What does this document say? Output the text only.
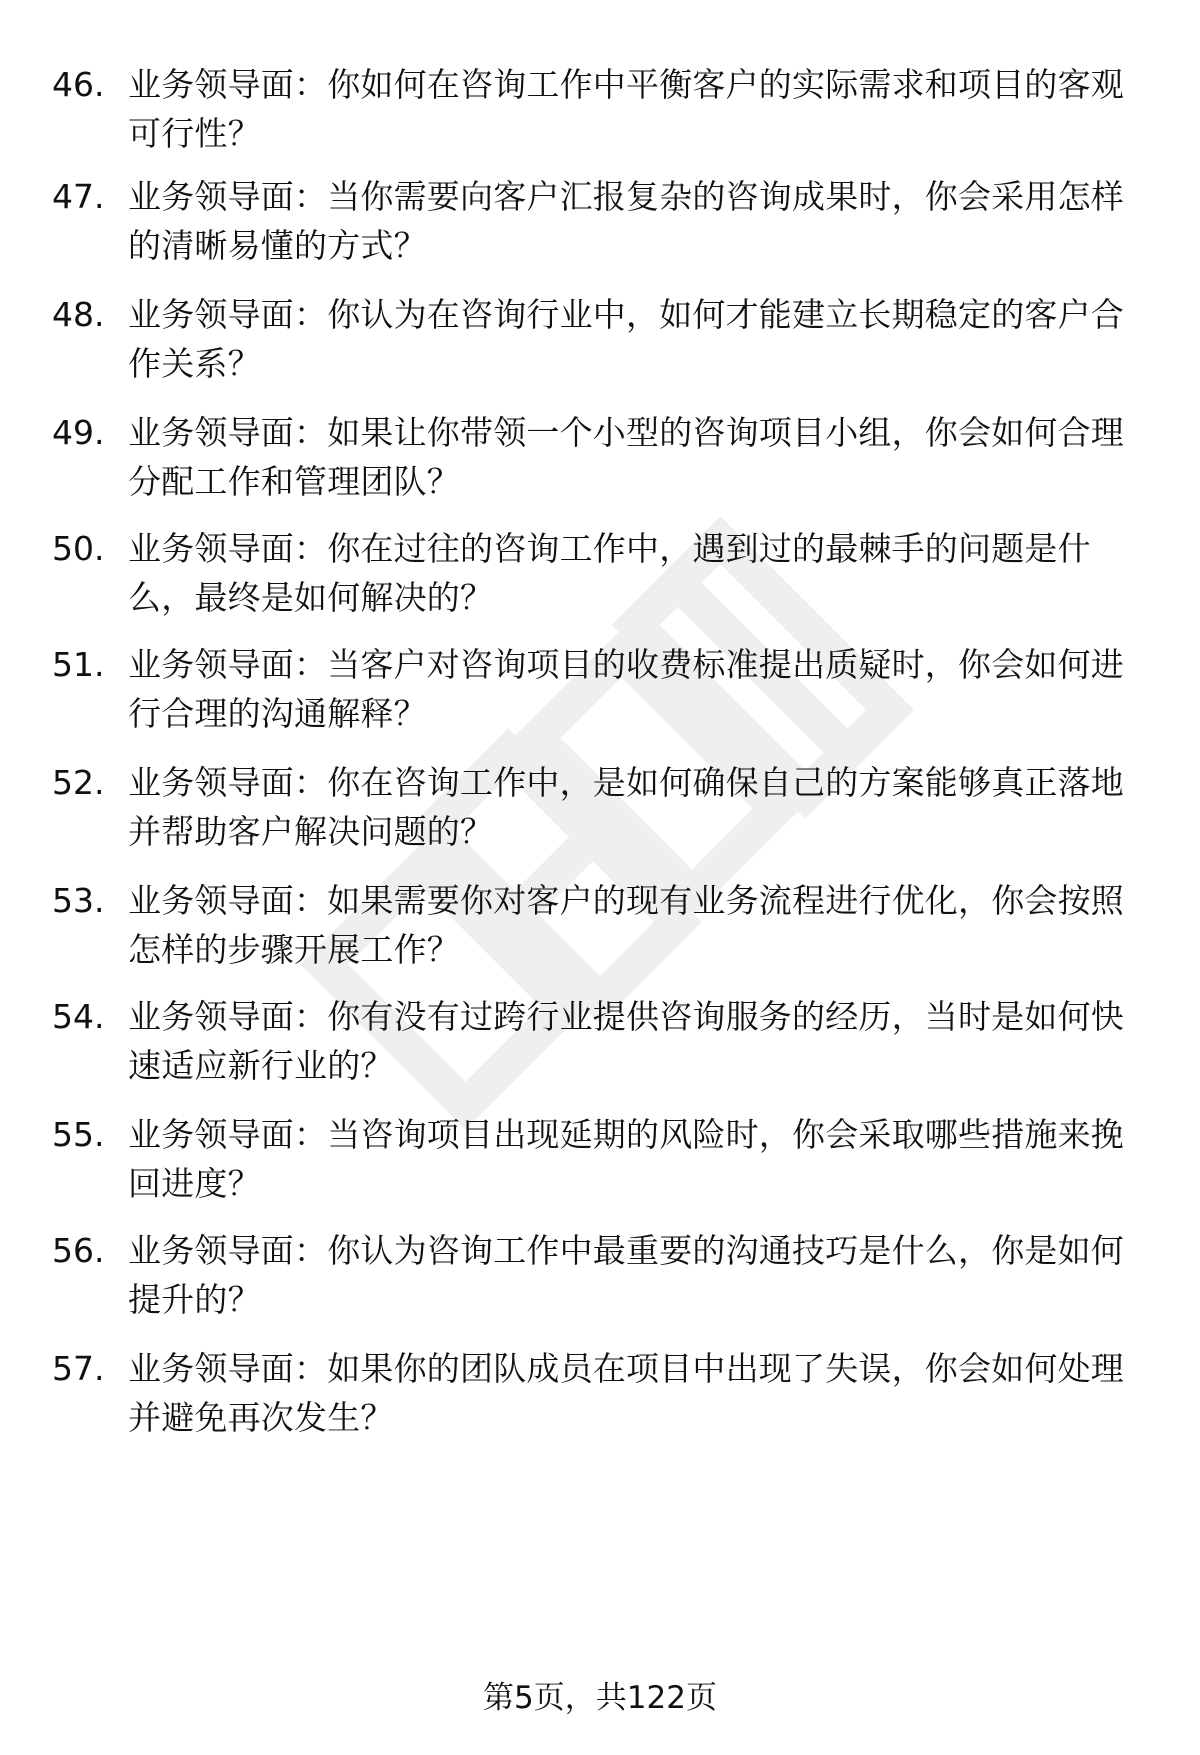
46. 业务领导面：你如何在咨询工作中平衡客户的实际需求和项目的客观可行性？
47. 业务领导面：当你需要向客户汇报复杂的咨询成果时，你会采用怎样的清晰易懂的方式？
48. 业务领导面：你认为在咨询行业中，如何才能建立长期稳定的客户合作关系？
49. 业务领导面：如果让你带领一个小型的咨询项目小组，你会如何合理分配工作和管理团队？
50. 业务领导面：你在过往的咨询工作中，遇到过的最棘手的问题是什么，最终是如何解决的？
51. 业务领导面：当客户对咨询项目的收费标准提出质疑时，你会如何进行合理的沟通解释？
52. 业务领导面：你在咨询工作中，是如何确保自己的方案能够真正落地并帮助客户解决问题的？
53. 业务领导面：如果需要你对客户的现有业务流程进行优化，你会按照怎样的步骤开展工作？
54. 业务领导面：你有没有过跨行业提供咨询服务的经历，当时是如何快速适应新行业的？
55. 业务领导面：当咨询项目出现延期的风险时，你会采取哪些措施来挽回进度？
56. 业务领导面：你认为咨询工作中最重要的沟通技巧是什么，你是如何提升的？
57. 业务领导面：如果你的团队成员在项目中出现了失误，你会如何处理并避免再次发生？
第5页，共122页
